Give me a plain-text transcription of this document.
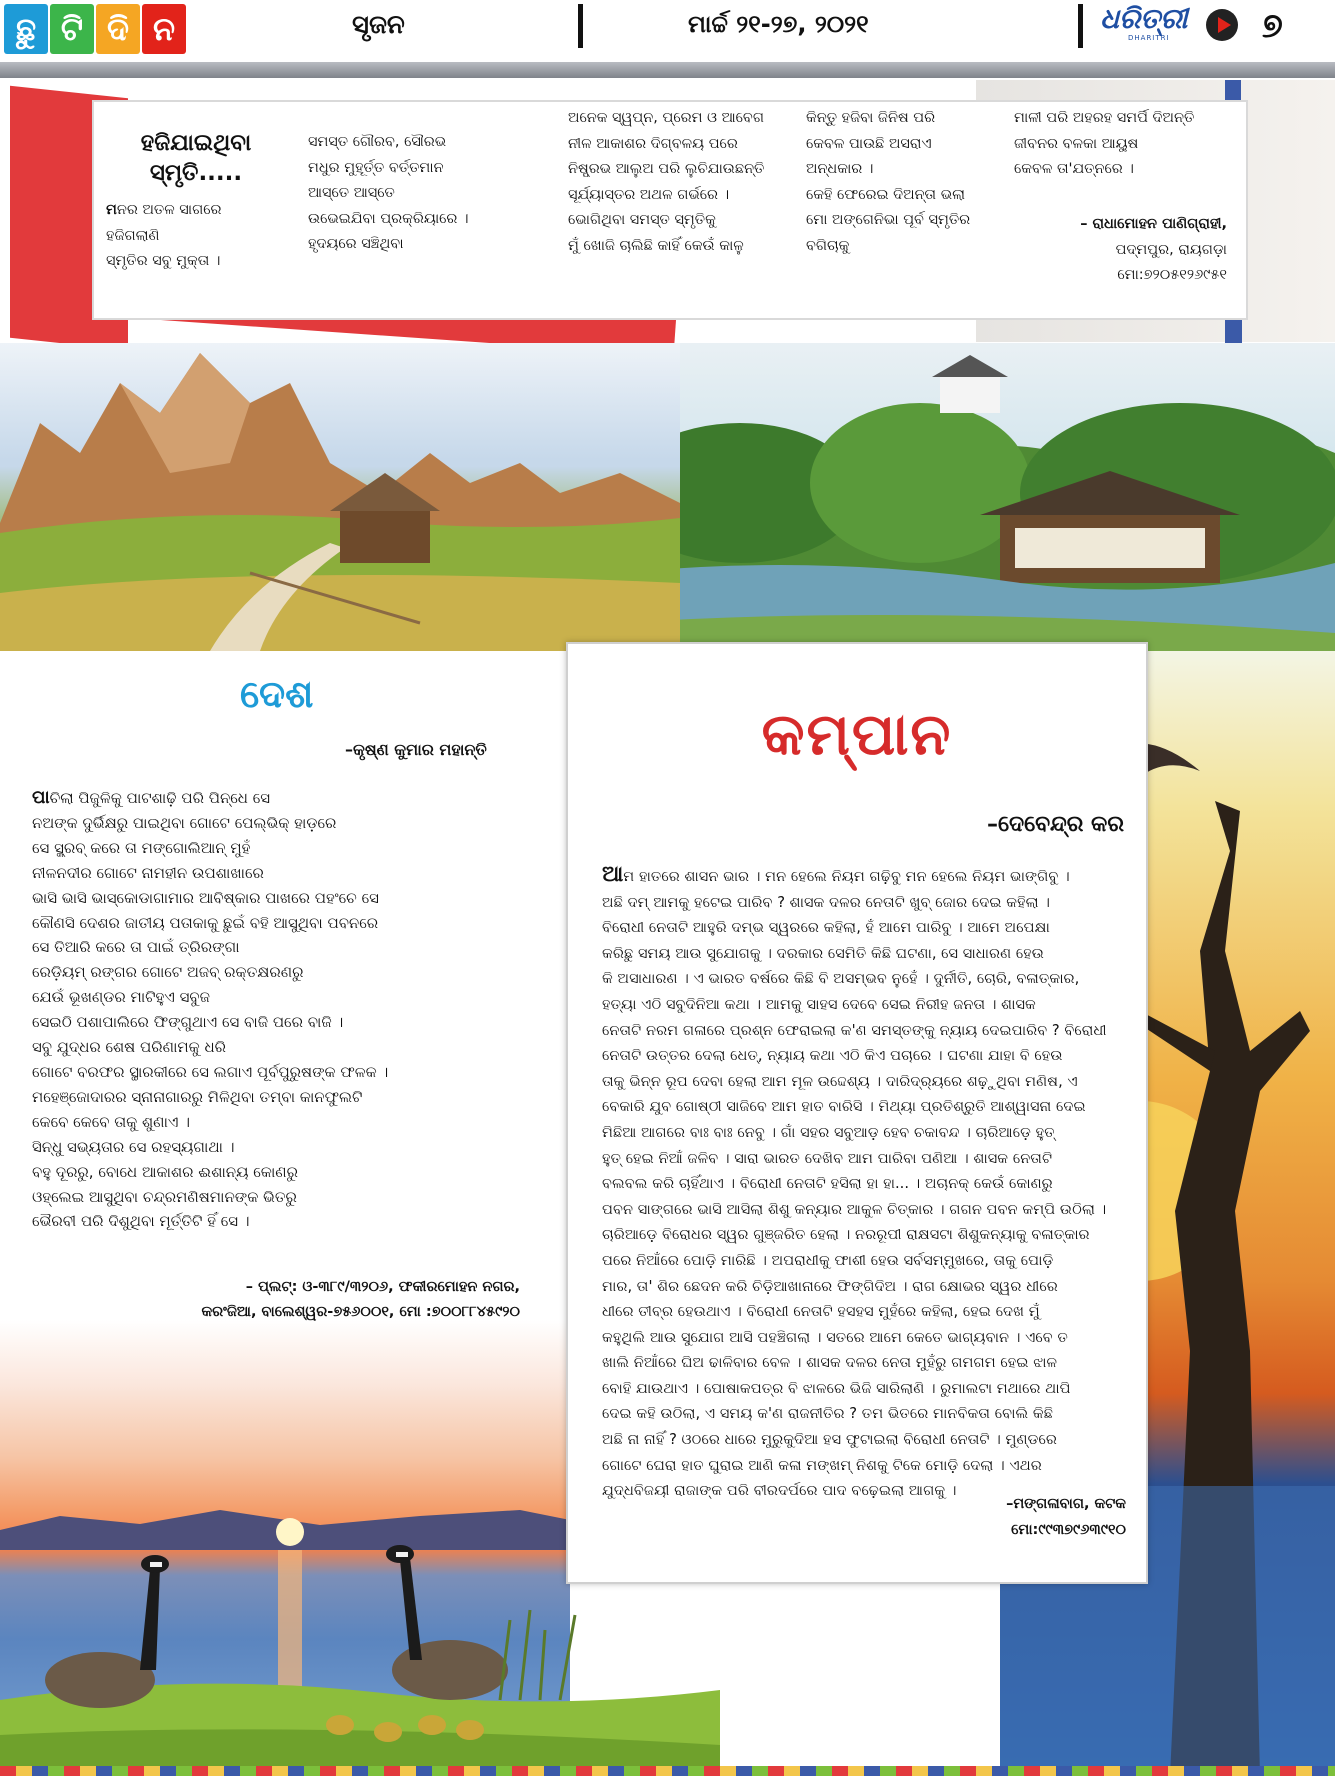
ଛୁ ଟି ଦି ନ	ସୃଜନ	ମାର୍ଚ୍ଚ ୨୧-୨୭, ୨୦୨୧	ଧରିତ୍ରୀ
DHARITRI	୭
ହଜିଯାଇଥିବା
ସ୍ମୃତି.....
ମନର ଅତଳ ସାଗରେ
ହଜିଗଲାଣି
ସ୍ମୃତିର ସବୁ ମୁକ୍ତା ।
ସମସ୍ତ ଗୌରବ, ସୌରଭ
ମଧୁର ମୁହୂର୍ତ୍ତ ବର୍ତ୍ତମାନ
ଆସ୍ତେ ଆସ୍ତେ
ଉଭେଇଯିବା ପ୍ରକ୍ରିୟାରେ ।
ହୃଦୟରେ ସଞ୍ଚିଥିବା
ଅନେକ ସ୍ୱପ୍ନ, ପ୍ରେମ ଓ ଆବେଗ
ନୀଳ ଆକାଶର ଦିଗ୍‌ବଳୟ ପରେ
ନିଷ୍ପ୍ରଭ ଆଲୁଅ ପରି ଲୁଚିଯାଉଛନ୍ତି
ସୂର୍ଯ୍ୟାସ୍ତର ଅଥଳ ଗର୍ଭରେ ।
ଭୋଗିଥିବା ସମସ୍ତ ସ୍ମୃତିକୁ
ମୁଁ ଖୋଜି ଚାଲିଛି କାହିଁ କେଉଁ କାଳୁ
କିନ୍ତୁ ହଜିବା ଜିନିଷ ପରି
କେବଳ ପାଉଛି ଅସରାଏ
ଅନ୍ଧକାର ।
କେହି ଫେରେଇ ଦିଅନ୍ତା ଭଲା
ମୋ ଅଙ୍ଗେନିଭା ପୂର୍ବ ସ୍ମୃତିର
ବଗିଚାକୁ
ମାଳୀ ପରି ଅହରହ ସମର୍ପି ଦିଅନ୍ତି
ଜୀବନର ବଳକା ଆୟୁଷ
କେବଳ ତା'ଯତ୍ନରେ ।
– ରାଧାମୋହନ ପାଣିଗ୍ରାହୀ,
ପଦ୍ମପୁର, ରାୟଗଡ଼ା
ମୋ:୭୨୦୫୧୨୬୯୫୧
ଦେଶ
–କୃଷ୍ଣ କୁମାର ମହାନ୍ତି
ପାଚିଲା ପିଜୁଳିକୁ ପାଟଶାଢ଼ି ପରି ପିନ୍ଧେ ସେ
ନଅଙ୍କ ଦୁର୍ଭିକ୍ଷରୁ ପାଇଥିବା ଗୋଟେ ପେଲ୍‌ଭିକ୍ ହାଡ଼ରେ
ସେ ସ୍କ୍ରବ୍ କରେ ତା ମଙ୍ଗୋଲିଆନ୍ ମୁହଁ
ନୀଳନଦୀର ଗୋଟେ ନାମହୀନ ଉପଶାଖାରେ
ଭାସି ଭାସି ଭାସ୍କୋଡାଗାମାର ଆବିଷ୍କାର ପାଖରେ ପହଂଚେ ସେ
କୌଣସି ଦେଶର ଜାତୀୟ ପତାକାକୁ ଛୁଇଁ ବହି ଆସୁଥିବା ପବନରେ
ସେ ତିଆରି କରେ ତା ପାଇଁ ତ୍ରିରଙ୍ଗା
ରେଡ଼ିୟମ୍ ରଙ୍ଗର ଗୋଟେ ଅଜବ୍ ରକ୍ତକ୍ଷରଣରୁ
ଯେଉଁ ଭୂଖଣ୍ଡର ମାଟିହୁଏ ସବୁଜ
ସେଇଠି ପଶାପାଲିରେ ଫିଙ୍ଗୁଥାଏ ସେ ବାଜି ପରେ ବାଜି ।
ସବୁ ଯୁଦ୍ଧର ଶେଷ ପରିଣାମକୁ ଧରି
ଗୋଟେ ବରଫର ସ୍ଥାରକୀରେ ସେ ଲଗାଏ ପୂର୍ବପୁରୁଷଙ୍କ ଫଳକ ।
ମହେଞ୍ଜୋଦାରର ସ୍ନାନାଗାରରୁ ମିଳିଥିବା ତମ୍ବା କାନଫୁଲଟି
କେବେ କେବେ ତାକୁ ଶୁଣାଏ ।
ସିନ୍ଧୁ ସଭ୍ୟତାର ସେ ରହସ୍ୟଗାଥା ।
ବହୁ ଦୂରରୁ, ବୋଧେ ଆକାଶର ଈଶାନ୍ୟ କୋଣରୁ
ଓହ୍ଲେଇ ଆସୁଥିବା ଚନ୍ଦ୍ରମଣିଷମାନଙ୍କ ଭିତରୁ
ଭୈରବୀ ପରି ଦିଶୁଥିବା ମୂର୍ତ୍ତିଟି ହିଁ ସେ ।
– ପ୍ଲଟ୍: ଓ-୩୮୯/୩୨୦୬, ଫକୀରମୋହନ ନଗର,
କରଂଜିଆ, ବାଲେଶ୍ୱର-୭୫୬୦୦୧, ମୋ :୭୦୦୮୮୪୫୯୨୦
କମ୍ପାନ
–ଦେବେନ୍ଦ୍ର କର
ଆମ ହାତରେ ଶାସନ ଭାର । ମନ ହେଲେ ନିୟମ ଗଢ଼ିବୁ ମନ ହେଲେ ନିୟମ ଭାଙ୍ଗିବୁ ।
ଅଛି ଦମ୍ ଆମକୁ ହଟେଇ ପାରିବ ? ଶାସକ ଦଳର ନେତାଟି ଖୁବ୍ ଜୋର ଦେଇ କହିଲା ।
ବିରୋଧୀ ନେତାଟି ଆହୁରି ଦମ୍ଭ ସ୍ୱରରେ କହିଲା, ହଁ ଆମେ ପାରିବୁ । ଆମେ ଅପେକ୍ଷା
କରିଛୁ ସମୟ ଆଉ ସୁଯୋଗକୁ । ଦରକାର ସେମିତି କିଛି ଘଟଣା, ସେ ସାଧାରଣ ହେଉ
କି ଅସାଧାରଣ । ଏ ଭାରତ ବର୍ଷରେ କିଛି ବି ଅସମ୍ଭବ ନୁହେଁ । ଦୁର୍ନୀତି, ଚୋରି, ବଳାତ୍କାର,
ହତ୍ୟା ଏଠି ସବୁଦିନିଆ କଥା । ଆମକୁ ସାହସ ଦେବେ ସେଇ ନିରୀହ ଜନତା । ଶାସକ
ନେତାଟି ନରମ ଗଳାରେ ପ୍ରଶ୍ନ ଫେରାଇଲା କ'ଣ ସମସ୍ତଙ୍କୁ ନ୍ୟାୟ ଦେଇପାରିବ ? ବିରୋଧୀ
ନେତାଟି ଉତ୍ତର ଦେଲା ଧେତ୍, ନ୍ୟାୟ କଥା ଏଠି କିଏ ପଚାରେ । ଘଟଣା ଯାହା ବି ହେଉ
ତାକୁ ଭିନ୍ନ ରୂପ ଦେବା ହେଲା ଆମ ମୂଳ ଉଦ୍ଦେଶ୍ୟ । ଦାରିଦ୍ର୍ୟରେ ଶଢ଼ୁଥିବା ମଣିଷ, ଏ
ବେକାରି ଯୁବ ଗୋଷ୍ଠୀ ସାଜିବେ ଆମ ହାତ ବାରିସି । ମିଥ୍ୟା ପ୍ରତିଶ୍ରୁତି ଆଶ୍ୱାସନା ଦେଇ
ମିଛିଆ ଆଗରେ ବାଃ ବାଃ ନେବୁ । ଗାଁ ସହର ସବୁଆଡ଼ ହେବ ଚକାବନ୍ଦ । ଚାରିଆଡ଼େ ହୁତ୍
ହୁତ୍ ହେଇ ନିଆଁ ଜଳିବ । ସାରା ଭାରତ ଦେଖିବ ଆମ ପାରିବା ପଣିଆ । ଶାସକ ନେତାଟି
ବଲବଲ କରି ଚାହିଁଥାଏ । ବିରୋଧୀ ନେତାଟି ହସିଲା ହା ହା... । ଅଚାନକ୍ କେଉଁ କୋଣରୁ
ପବନ ସାଙ୍ଗରେ ଭାସି ଆସିଲା ଶିଶୁ କନ୍ୟାର ଆକୁଳ ଚିତ୍କାର । ଗଗନ ପବନ କମ୍ପି ଉଠିଲା ।
ଚାରିଆଡ଼େ ବିରୋଧର ସ୍ୱର ଗୁଞ୍ଜରିତ ହେଲା । ନରରୂପୀ ରାକ୍ଷସଟା ଶିଶୁକନ୍ୟାକୁ ବଳାତ୍କାର
ପରେ ନିଆଁରେ ପୋଡ଼ି ମାରିଛି । ଅପରାଧୀକୁ ଫାଶୀ ହେଉ ସର୍ବସମ୍ମୁଖରେ, ତାକୁ ପୋଡ଼ି
ମାର, ତା' ଶିର ଛେଦନ କରି ଚିଡ଼ିଆଖାନାରେ ଫିଙ୍ଗିଦିଅ । ରାଗ କ୍ଷୋଭର ସ୍ୱର ଧୀରେ
ଧୀରେ ତୀବ୍ର ହେଉଥାଏ । ବିରୋଧୀ ନେତାଟି ହସହସ ମୁହଁରେ କହିଲା, ହେଇ ଦେଖ ମୁଁ
କହୁଥିଲି ଆଉ ସୁଯୋଗ ଆସି ପହଞ୍ଚିଗଲା । ସତରେ ଆମେ କେତେ ଭାଗ୍ୟବାନ । ଏବେ ତ
ଖାଲି ନିଆଁରେ ଘିଅ ଢାଳିବାର ବେଳ । ଶାସକ ଦଳର ନେତା ମୁହଁରୁ ଗମଗମ ହେଇ ଝାଳ
ବୋହି ଯାଉଥାଏ । ପୋଷାକପତ୍ର ବି ଝାଳରେ ଭିଜି ସାରିଲାଣି । ରୁମାଲଟା ମଥାରେ ଥାପି
ଦେଇ କହି ଉଠିଲା, ଏ ସମୟ କ'ଣ ରାଜନୀତିର ? ତମ ଭିତରେ ମାନବିକତା ବୋଲି କିଛି
ଅଛି ନା ନାହିଁ ? ଓଠରେ ଧାରେ ମୁରୁକୁଦିଆ ହସ ଫୁଟାଇଲା ବିରୋଧୀ ନେତାଟି । ମୁଣ୍ଡରେ
ଗୋଟେ ଘେରା ହାତ ଘୁରାଇ ଆଣି କଳା ମଙ୍ଖମ୍ ନିଶକୁ ଟିକେ ମୋଡ଼ି ଦେଲା । ଏଥର
ଯୁଦ୍ଧବିଜୟୀ ରାଜାଙ୍କ ପରି ବୀରଦର୍ପରେ ପାଦ ବଢ଼େଇଲା ଆଗକୁ ।
–ମଙ୍ଗଳାବାଗ, କଟକ
ମୋ:୯୯୩୭୯୬୩୯୧୦
